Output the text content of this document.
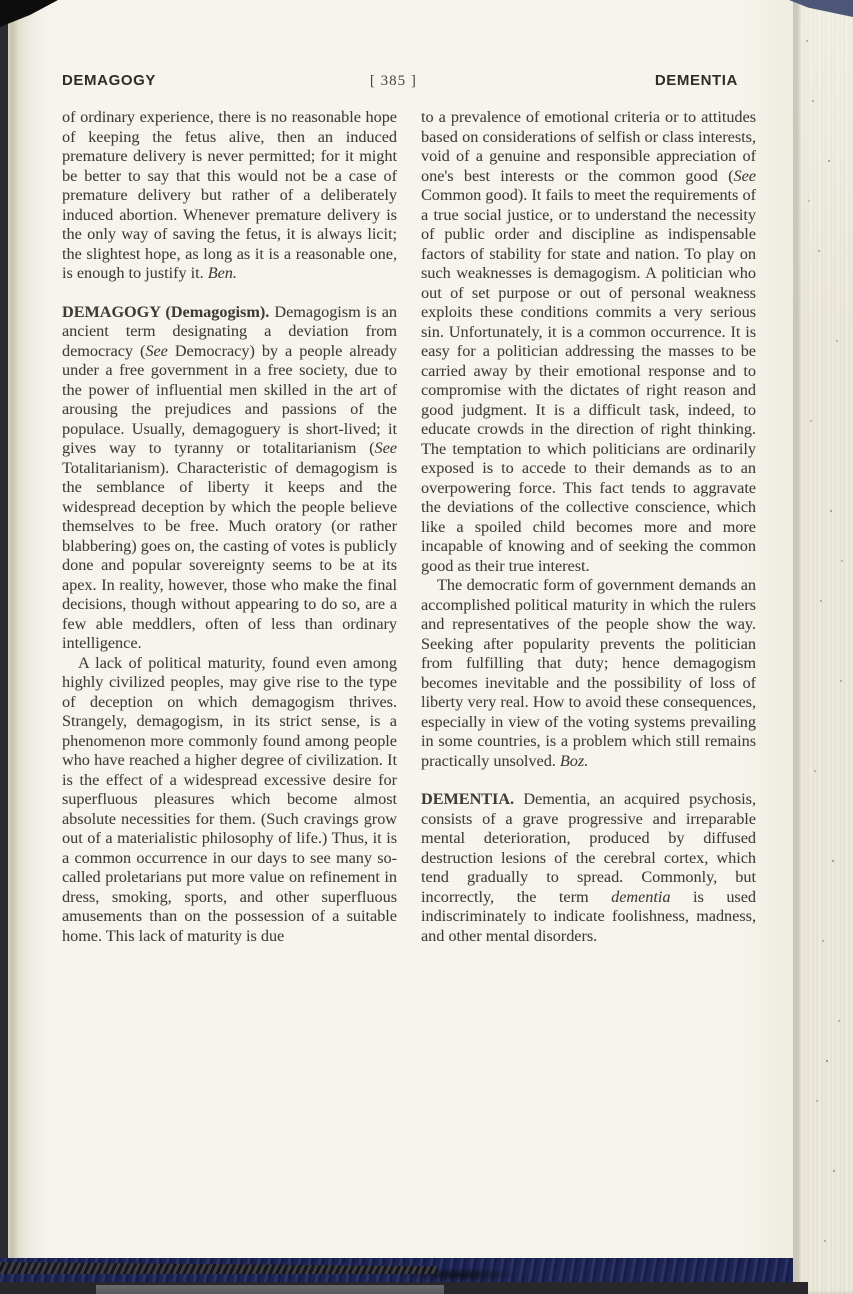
DEMAGOGY	[ 385 ]	DEMENTIA

of ordinary experience, there is no reasonable hope of keeping the fetus alive, then an induced premature delivery is never permitted; for it might be better to say that this would not be a case of premature delivery but rather of a deliberately induced abortion. Whenever premature delivery is the only way of saving the fetus, it is always licit; the slightest hope, as long as it is a reasonable one, is enough to justify it. Ben.

DEMAGOGY (Demagogism). Demagogism is an ancient term designating a deviation from democracy (See Democracy) by a people already under a free government in a free society, due to the power of influential men skilled in the art of arousing the prejudices and passions of the populace. Usually, demagoguery is short-lived; it gives way to tyranny or totalitarianism (See Totalitarianism). Characteristic of demagogism is the semblance of liberty it keeps and the widespread deception by which the people believe themselves to be free. Much oratory (or rather blabbering) goes on, the casting of votes is publicly done and popular sovereignty seems to be at its apex. In reality, however, those who make the final decisions, though without appearing to do so, are a few able meddlers, often of less than ordinary intelligence.

A lack of political maturity, found even among highly civilized peoples, may give rise to the type of deception on which demagogism thrives. Strangely, demagogism, in its strict sense, is a phenomenon more commonly found among people who have reached a higher degree of civilization. It is the effect of a widespread excessive desire for superfluous pleasures which become almost absolute necessities for them. (Such cravings grow out of a materialistic philosophy of life.) Thus, it is a common occurrence in our days to see many so-called proletarians put more value on refinement in dress, smoking, sports, and other superfluous amusements than on the possession of a suitable home. This lack of maturity is due

to a prevalence of emotional criteria or to attitudes based on considerations of selfish or class interests, void of a genuine and responsible appreciation of one's best interests or the common good (See Common good). It fails to meet the requirements of a true social justice, or to understand the necessity of public order and discipline as indispensable factors of stability for state and nation. To play on such weaknesses is demagogism. A politician who out of set purpose or out of personal weakness exploits these conditions commits a very serious sin. Unfortunately, it is a common occurrence. It is easy for a politician addressing the masses to be carried away by their emotional response and to compromise with the dictates of right reason and good judgment. It is a difficult task, indeed, to educate crowds in the direction of right thinking. The temptation to which politicians are ordinarily exposed is to accede to their demands as to an overpowering force. This fact tends to aggravate the deviations of the collective conscience, which like a spoiled child becomes more and more incapable of knowing and of seeking the common good as their true interest.

The democratic form of government demands an accomplished political maturity in which the rulers and representatives of the people show the way. Seeking after popularity prevents the politician from fulfilling that duty; hence demagogism becomes inevitable and the possibility of loss of liberty very real. How to avoid these consequences, especially in view of the voting systems prevailing in some countries, is a problem which still remains practically unsolved. Boz.

DEMENTIA. Dementia, an acquired psychosis, consists of a grave progressive and irreparable mental deterioration, produced by diffused destruction lesions of the cerebral cortex, which tend gradually to spread. Commonly, but incorrectly, the term dementia is used indiscriminately to indicate foolishness, madness, and other mental disorders.
